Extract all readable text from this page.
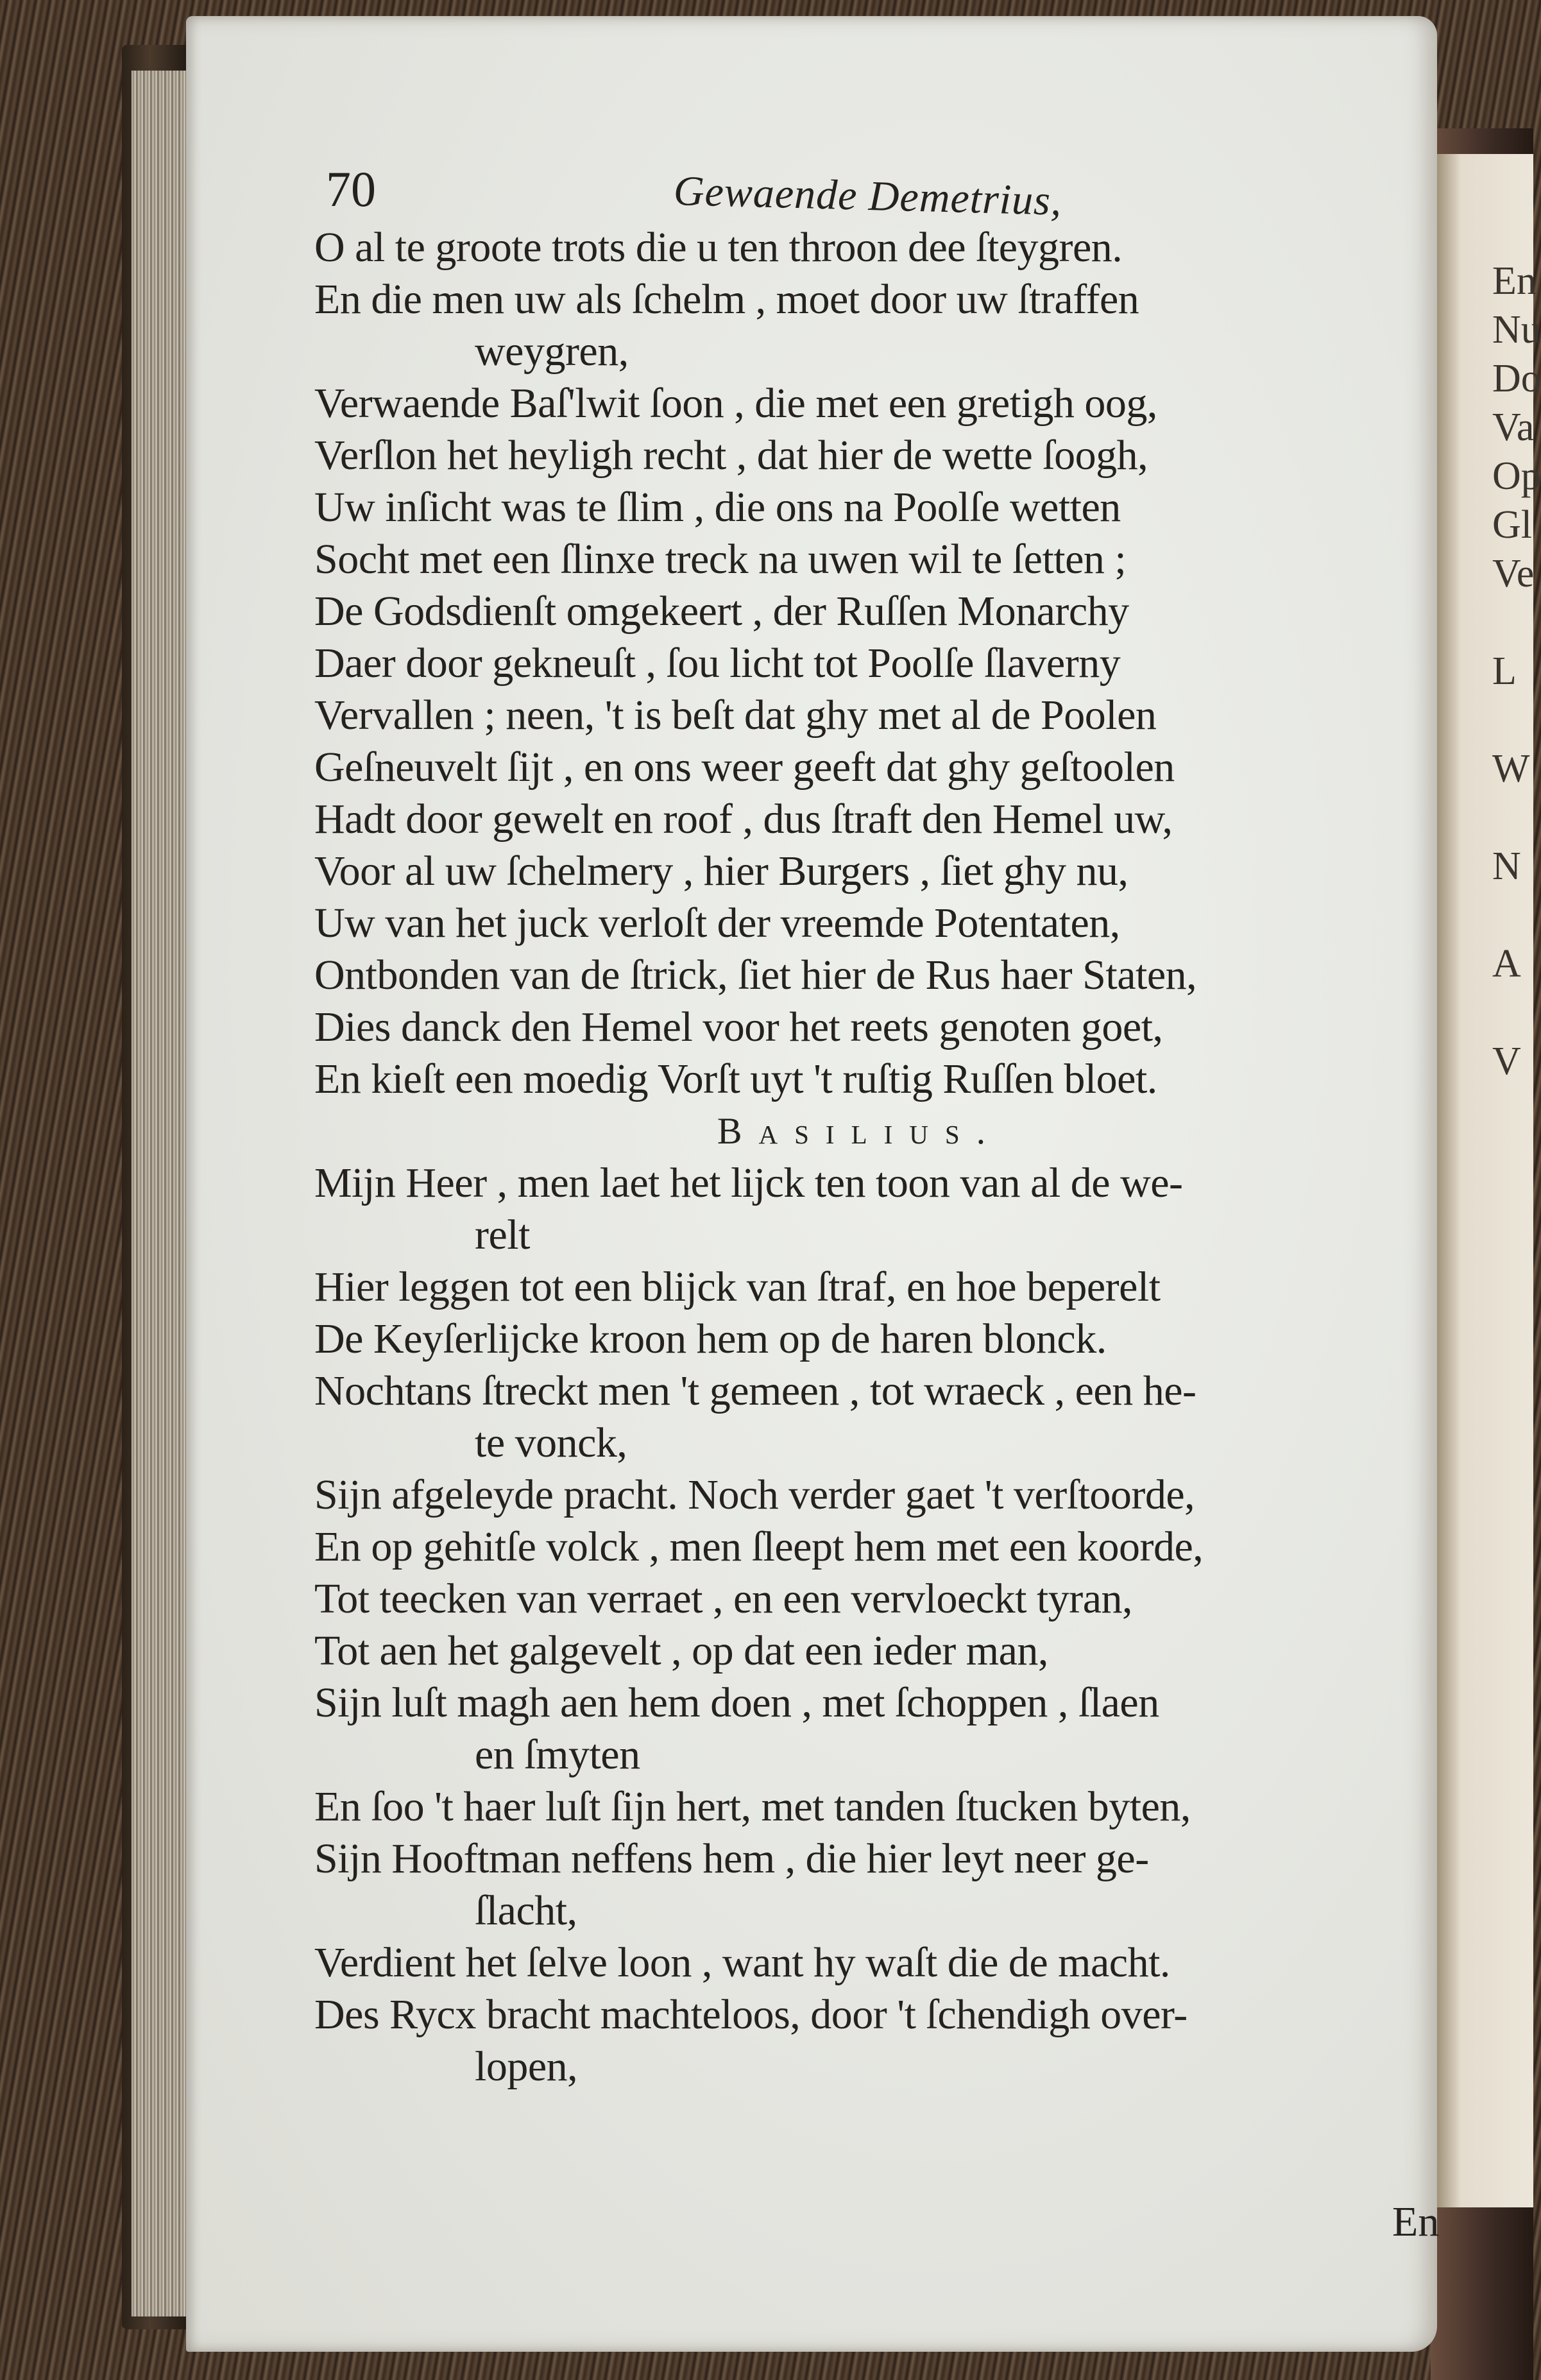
En
Nu
Do
Va
Op
Gl
Ve

L

W

N

A

V
70	Gewaende Demetrius,
O al te groote trots die u ten throon dee ſteygren.
En die men uw als ſchelm , moet door uw ſtraffen
weygren,
Verwaende Baſ'lwit ſoon , die met een gretigh oog,
Verſlon het heyligh recht , dat hier de wette ſoogh,
Uw inſicht was te ſlim , die ons na Poolſe wetten
Socht met een ſlinxe treck na uwen wil te ſetten ;
De Godsdienſt omgekeert , der Ruſſen Monarchy
Daer door gekneuſt , ſou licht tot Poolſe ſlaverny
Vervallen ; neen, 't is beſt dat ghy met al de Poolen
Geſneuvelt ſijt , en ons weer geeft dat ghy geſtoolen
Hadt door gewelt en roof , dus ſtraft den Hemel uw,
Voor al uw ſchelmery , hier Burgers , ſiet ghy nu,
Uw van het juck verloſt der vreemde Potentaten,
Ontbonden van de ſtrick, ſiet hier de Rus haer Staten,
Dies danck den Hemel voor het reets genoten goet,
En kieſt een moedig Vorſt uyt 't ruſtig Ruſſen bloet.
Basilius.
Mijn Heer , men laet het lijck ten toon van al de we-
relt
Hier leggen tot een blijck van ſtraf, en hoe beperelt
De Keyſerlijcke kroon hem op de haren blonck.
Nochtans ſtreckt men 't gemeen , tot wraeck , een he-
te vonck,
Sijn afgeleyde pracht. Noch verder gaet 't verſtoorde,
En op gehitſe volck , men ſleept hem met een koorde,
Tot teecken van verraet , en een vervloeckt tyran,
Tot aen het galgevelt , op dat een ieder man,
Sijn luſt magh aen hem doen , met ſchoppen , ſlaen
en ſmyten
En ſoo 't haer luſt ſijn hert, met tanden ſtucken byten,
Sijn Hooftman neffens hem , die hier leyt neer ge-
ſlacht,
Verdient het ſelve loon , want hy waſt die de macht.
Des Rycx bracht machteloos, door 't ſchendigh over-
lopen,
En
